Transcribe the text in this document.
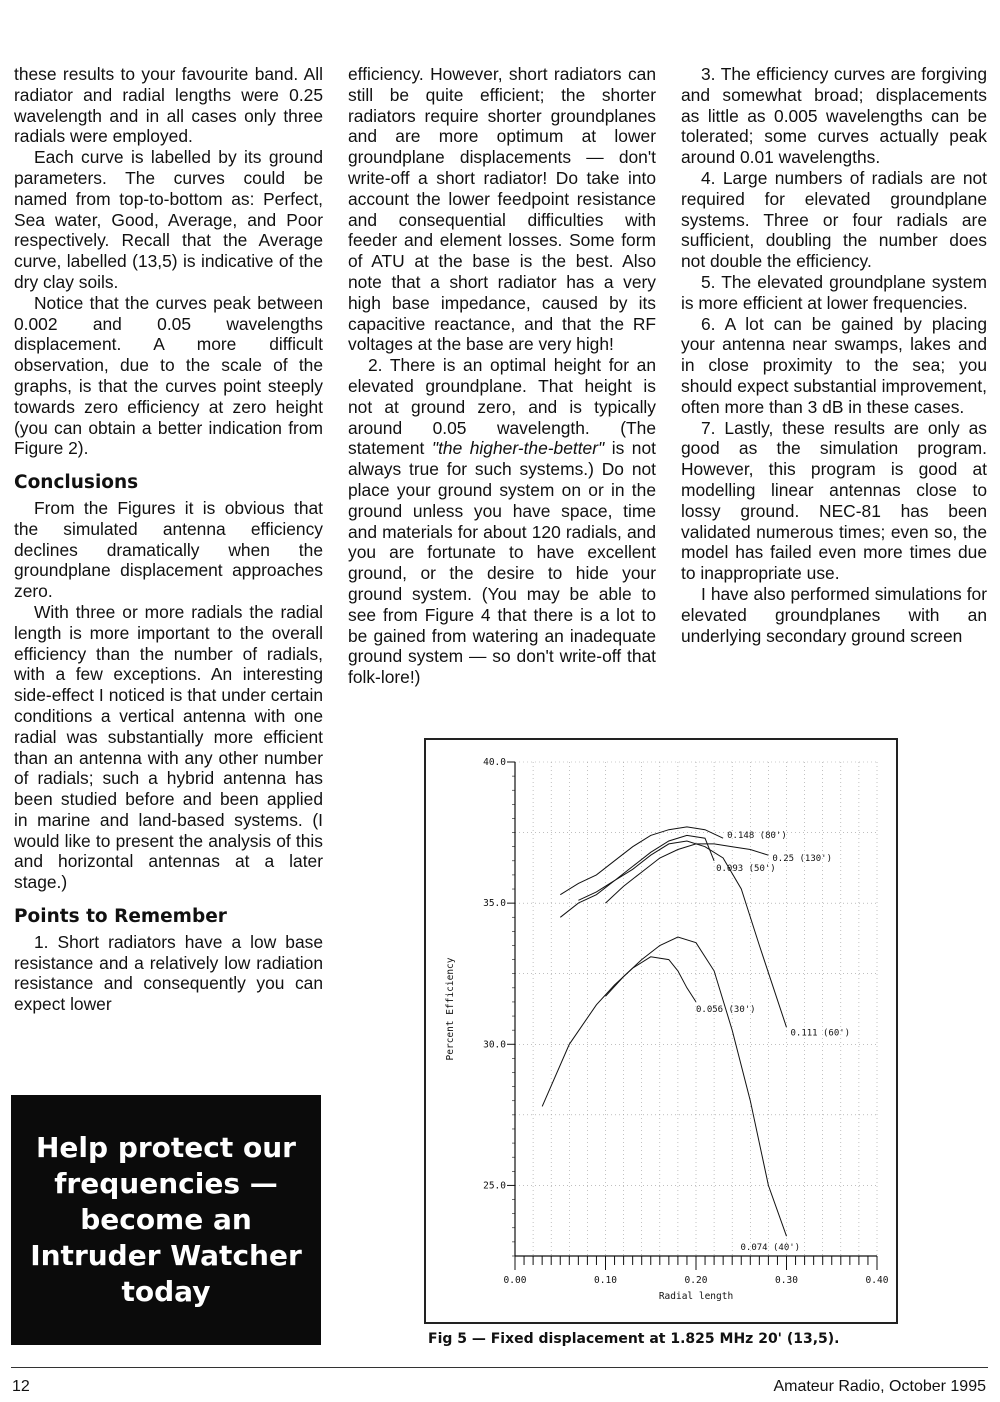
these results to your favourite band. All radiator and radial lengths were 0.25 wavelength and in all cases only three radials were employed.

Each curve is labelled by its ground parameters. The curves could be named from top-to-bottom as: Perfect, Sea water, Good, Average, and Poor respectively. Recall that the Average curve, labelled (13,5) is indicative of the dry clay soils.

Notice that the curves peak between 0.002 and 0.05 wavelengths displacement. A more difficult observation, due to the scale of the graphs, is that the curves point steeply towards zero efficiency at zero height (you can obtain a better indication from Figure 2).

Conclusions

From the Figures it is obvious that the simulated antenna efficiency declines dramatically when the groundplane displacement approaches zero.

With three or more radials the radial length is more important to the overall efficiency than the number of radials, with a few exceptions. An interesting side-effect I noticed is that under certain conditions a vertical antenna with one radial was substantially more efficient than an antenna with any other number of radials; such a hybrid antenna has been studied before and been applied in marine and land-based systems. (I would like to present the analysis of this and horizontal antennas at a later stage.)

Points to Remember

1. Short radiators have a low base resistance and a relatively low radiation resistance and consequently you can expect lower

efficiency. However, short radiators can still be quite efficient; the shorter radiators require shorter groundplanes and are more optimum at lower groundplane displacements — don't write-off a short radiator! Do take into account the lower feedpoint resistance and consequential difficulties with feeder and element losses. Some form of ATU at the base is the best. Also note that a short radiator has a very high base impedance, caused by its capacitive reactance, and that the RF voltages at the base are very high!

2. There is an optimal height for an elevated groundplane. That height is not at ground zero, and is typically around 0.05 wavelength. (The statement "the higher-the-better" is not always true for such systems.) Do not place your ground system on or in the ground unless you have space, time and materials for about 120 radials, and you are fortunate to have excellent ground, or the desire to hide your ground system. (You may be able to see from Figure 4 that there is a lot to be gained from watering an inadequate ground system — so don't write-off that folk-lore!)

3. The efficiency curves are forgiving and somewhat broad; displacements as little as 0.005 wavelengths can be tolerated; some curves actually peak around 0.01 wavelengths.

4. Large numbers of radials are not required for elevated groundplane systems. Three or four radials are sufficient, doubling the number does not double the efficiency.

5. The elevated groundplane system is more efficient at lower frequencies.

6. A lot can be gained by placing your antenna near swamps, lakes and in close proximity to the sea; you should expect substantial improvement, often more than 3 dB in these cases.

7. Lastly, these results are only as good as the simulation program. However, this program is good at modelling linear antennas close to lossy ground. NEC-81 has been validated numerous times; even so, the model has failed even more times due to inappropriate use.

I have also performed simulations for elevated groundplanes with an underlying secondary ground screen

Help protect our frequencies — become an Intruder Watcher today	0.00	0.10	0.20	0.30	0.40
25.0
30.0
35.0
40.0
Radial length
Percent Efficiency
0.148 (80')
0.093 (50')
0.25 (130')
0.111 (60')
0.056 (30')
0.074 (40')
Fig 5 — Fixed displacement at 1.825 MHz 20' (13,5).
12	Amateur Radio, October 1995
